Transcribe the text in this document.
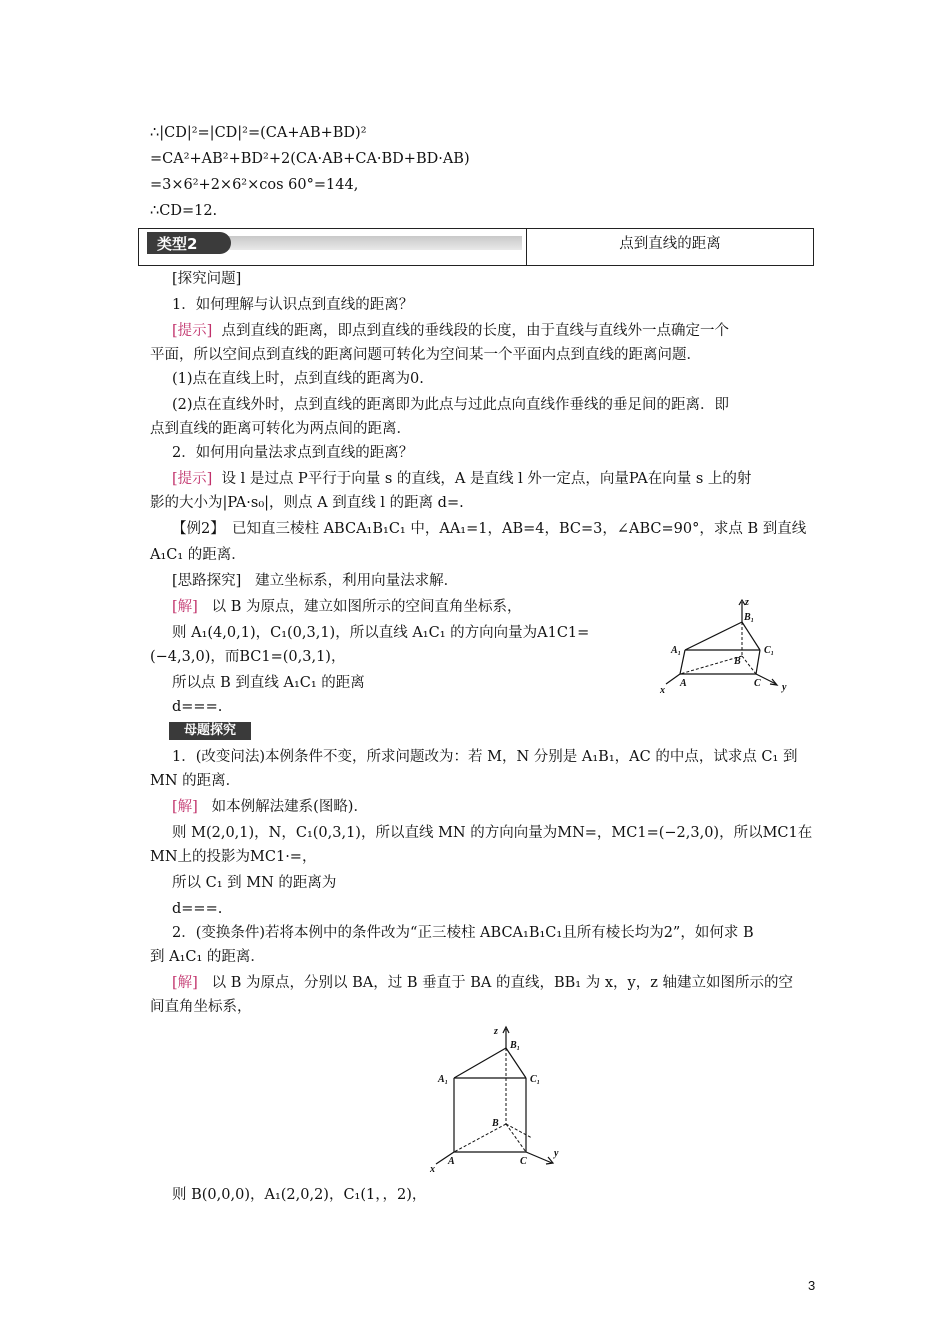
∴|CD|²=|CD|²=(CA+AB+BD)²
=CA²+AB²+BD²+2(CA·AB+CA·BD+BD·AB)
=3×6²+2×6²×cos 60°=144,
∴CD=12.
类型2	点到直线的距离
[探究问题]
1．如何理解与认识点到直线的距离？
[提示] 点到直线的距离，即点到直线的垂线段的长度，由于直线与直线外一点确定一个
平面，所以空间点到直线的距离问题可转化为空间某一个平面内点到直线的距离问题．
(1)点在直线上时，点到直线的距离为0.
(2)点在直线外时，点到直线的距离即为此点与过此点向直线作垂线的垂足间的距离．即
点到直线的距离可转化为两点间的距离．
2．如何用向量法求点到直线的距离？
[提示] 设 l 是过点 P平行于向量 s 的直线，A 是直线 l 外一定点，向量PA在向量 s 上的射
影的大小为|PA·s₀|，则点 A 到直线 l 的距离 d=.
【例2】　已知直三棱柱 ABCA₁B₁C₁ 中，AA₁=1，AB=4，BC=3，∠ABC=90°，求点 B 到直线
A₁C₁ 的距离．
[思路探究] 建立坐标系，利用向量法求解．
[解] 以 B 为原点，建立如图所示的空间直角坐标系，
则 A₁(4,0,1)，C₁(0,3,1)，所以直线 A₁C₁ 的方向向量为A1C1=
(−4,3,0)，而BC1=(0,3,1)，
所以点 B 到直线 A₁C₁ 的距离
d===.
z
B₁
A₁	C₁
B
A	C
x	y
母题探究
1．(改变问法)本例条件不变，所求问题改为：若 M，N 分别是 A₁B₁，AC 的中点，试求点 C₁ 到
MN 的距离．
[解] 如本例解法建系(图略)．
则 M(2,0,1)，N，C₁(0,3,1)，所以直线 MN 的方向向量为MN=，MC1=(−2,3,0)，所以MC1在
MN上的投影为MC1·=，
所以 C₁ 到 MN 的距离为
d===.
2．(变换条件)若将本例中的条件改为“正三棱柱 ABCA₁B₁C₁且所有棱长均为2”，如何求 B
到 A₁C₁ 的距离．
[解] 以 B 为原点，分别以 BA，过 B 垂直于 BA 的直线，BB₁ 为 x，y，z 轴建立如图所示的空
间直角坐标系，
z
B₁
A₁	C₁
B
A	C
x
y
则 B(0,0,0)，A₁(2,0,2)，C₁(1，，2)，
3
